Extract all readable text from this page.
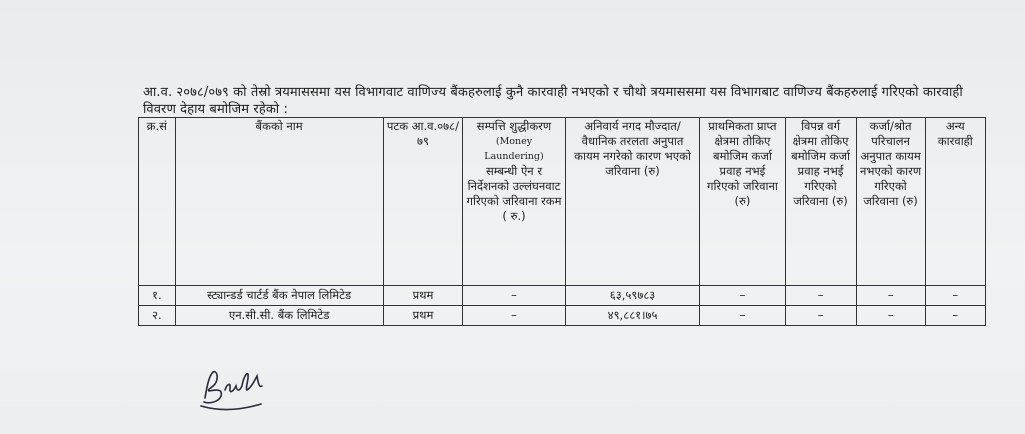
आ.व. २०७८/०७९ को तेस्रो त्रयमाससमा यस विभागवाट वाणिज्य बैंकहरुलाई कुनै कारवाही नभएको र चौथो त्रयमाससमा यस विभागबाट वाणिज्य बैंकहरुलाई गरिएको कारवाही विवरण देहाय बमोजिम रहेको :
क्र.सं	बैंकको नाम	पटक आ.व.०७८/ ७९	सम्पत्ति शुद्धीकरण
(Money Laundering)
सम्बन्धी ऐन र निर्देशनको उल्लंघनवाट गरिएको जरिवाना रकम ( रु.)	अनिवार्य नगद मौज्दात/ वैधानिक तरलता अनुपात कायम नगरेको कारण भएको जरिवाना (रु)	प्राथमिकता प्राप्त क्षेत्रमा तोकिए बमोजिम कर्जा प्रवाह नभई गरिएको जरिवाना (रु)	विपन्न वर्ग क्षेत्रमा तोकिए बमोजिम कर्जा प्रवाह नभई गरिएको जरिवाना (रु)	कर्जा/श्रोत परिचालन अनुपात कायम नभएको कारण गरिएको जरिवाना (रु)	अन्य कारवाही
१.	स्ट्यान्डर्ड चार्टर्ड बैंक नेपाल लिमिटेड	प्रथम	–	६३,५९७८३	–	–	–	–
२.	एन.सी.सी. बैंक लिमिटेड	प्रथम	–	४९,८८१।७५	–	–	–	–
